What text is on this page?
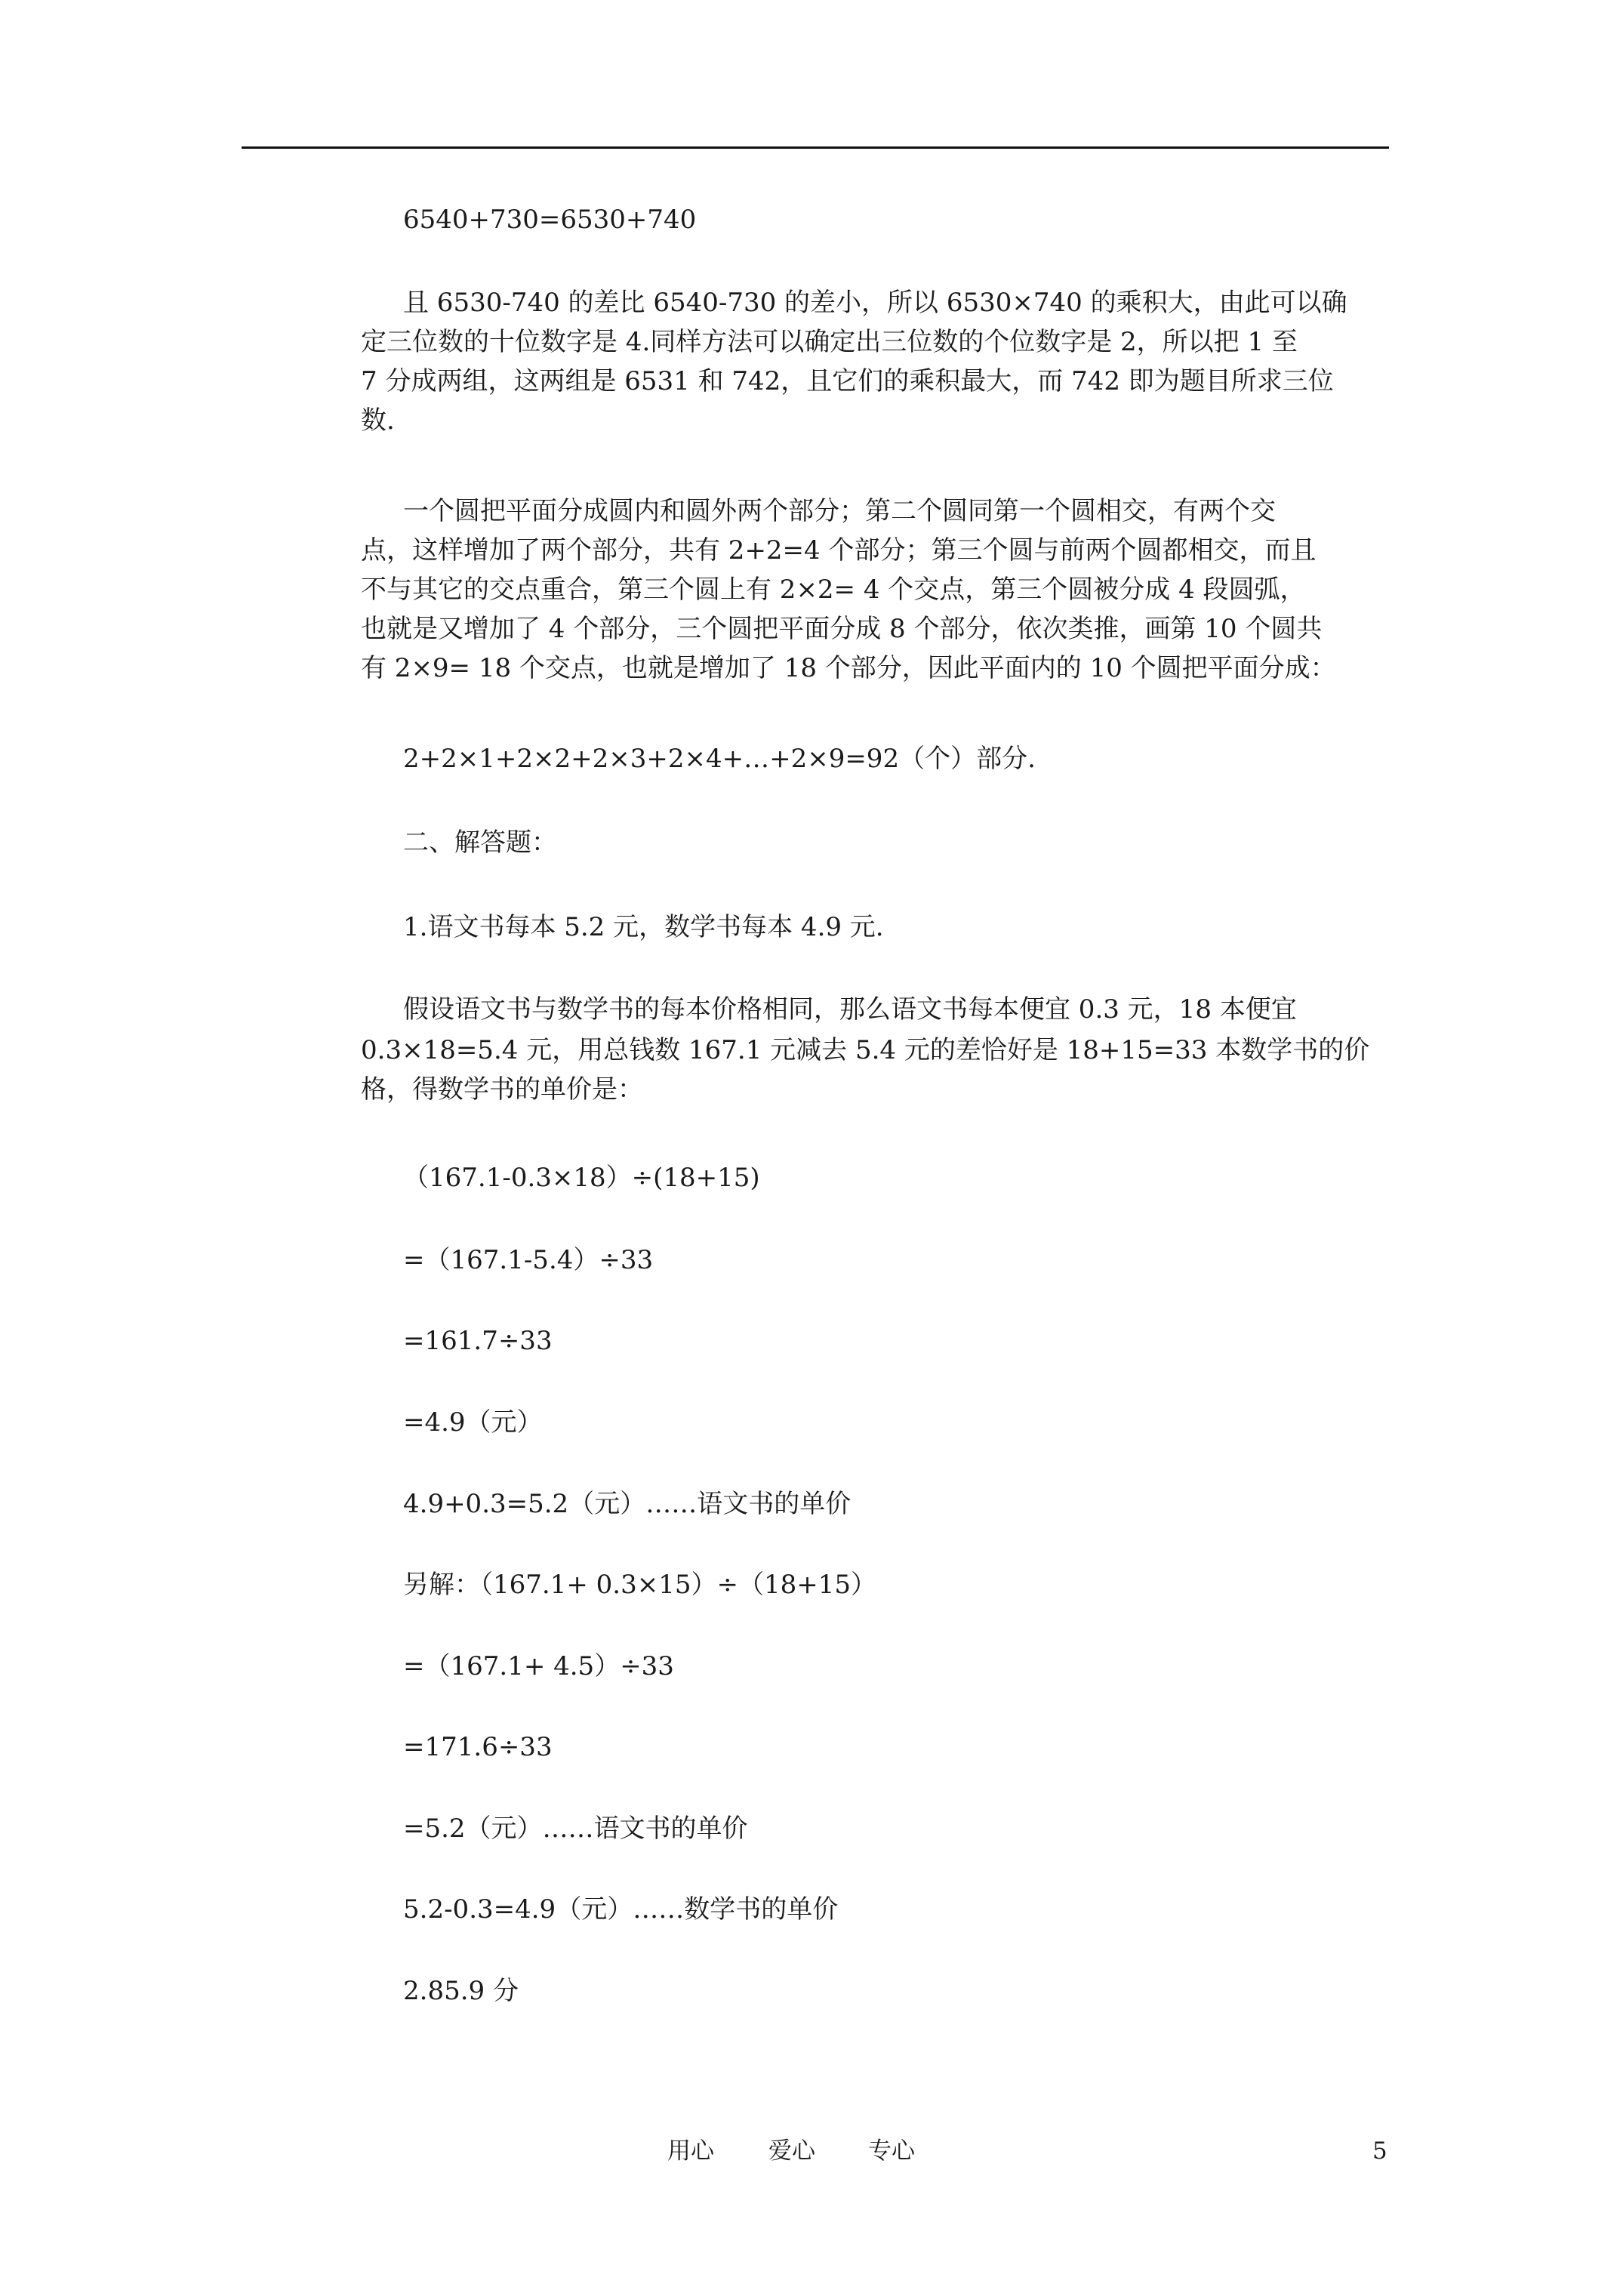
6540+730=6530+740
且 6530-740 的差比 6540-730 的差小，所以 6530×740 的乘积大，由此可以确
定三位数的十位数字是 4.同样方法可以确定出三位数的个位数字是 2，所以把 1 至
7 分成两组，这两组是 6531 和 742，且它们的乘积最大，而 742 即为题目所求三位
数.
一个圆把平面分成圆内和圆外两个部分；第二个圆同第一个圆相交，有两个交
点，这样增加了两个部分，共有 2+2=4 个部分；第三个圆与前两个圆都相交，而且
不与其它的交点重合，第三个圆上有 2×2= 4 个交点，第三个圆被分成 4 段圆弧，
也就是又增加了 4 个部分，三个圆把平面分成 8 个部分，依次类推，画第 10 个圆共
有 2×9= 18 个交点，也就是增加了 18 个部分，因此平面内的 10 个圆把平面分成：
2+2×1+2×2+2×3+2×4+…+2×9=92（个）部分.
二、解答题：
1.语文书每本 5.2 元，数学书每本 4.9 元.
假设语文书与数学书的每本价格相同，那么语文书每本便宜 0.3 元，18 本便宜
0.3×18=5.4 元，用总钱数 167.1 元减去 5.4 元的差恰好是 18+15=33 本数学书的价
格，得数学书的单价是：
（167.1-0.3×18）÷(18+15)
=（167.1-5.4）÷33
=161.7÷33
=4.9（元）
4.9+0.3=5.2（元）……语文书的单价
另解：（167.1+ 0.3×15）÷（18+15）
=（167.1+ 4.5）÷33
=171.6÷33
=5.2（元）……语文书的单价
5.2-0.3=4.9（元）……数学书的单价
2.85.9 分
用心 爱心 专心	5
